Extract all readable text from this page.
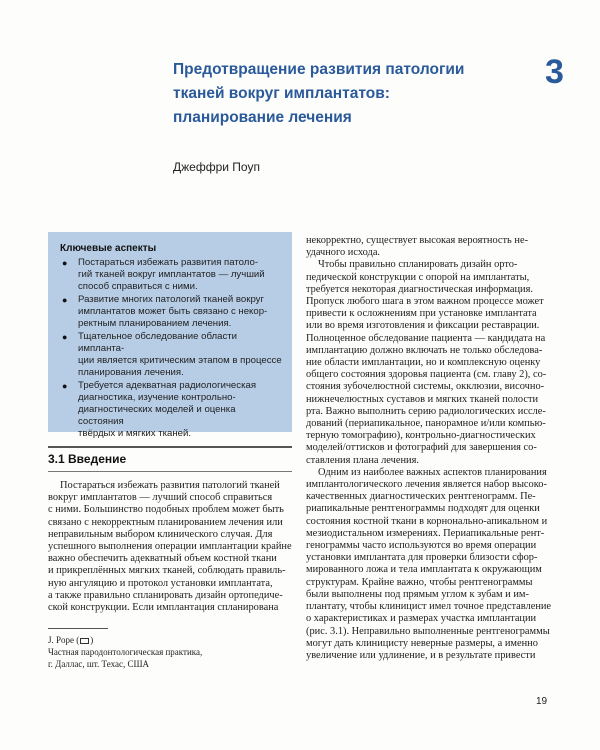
Предотвращение развития патологии
тканей вокруг имплантатов:
планирование лечения
3
Джеффри Поуп
Ключевые аспекты
● Постараться избежать развития патоло-
гий тканей вокруг имплантатов — лучший
способ справиться с ними.
● Развитие многих патологий тканей вокруг
имплантатов может быть связано с некор-
ректным планированием лечения.
● Тщательное обследование области импланта-
ции является критическим этапом в процессе
планирования лечения.
● Требуется адекватная радиологическая
диагностика, изучение контрольно-
диагностических моделей и оценка состояния
твёрдых и мягких тканей.
3.1 Введение
Постараться избежать развития патологий тканей
вокруг имплантатов — лучший способ справиться
с ними. Большинство подобных проблем может быть
связано с некорректным планированием лечения или
неправильным выбором клинического случая. Для
успешного выполнения операции имплантации крайне
важно обеспечить адекватный объем костной ткани
и прикреплённых мягких тканей, соблюдать правиль-
ную ангуляцию и протокол установки имплантата,
а также правильно спланировать дизайн ортопедиче-
ской конструкции. Если имплантация спланирована
J. Pope ( )
Частная пародонтологическая практика,
г. Даллас, шт. Техас, США
некорректно, существует высокая вероятность не-
удачного исхода.
Чтобы правильно спланировать дизайн орто-
педической конструкции с опорой на имплантаты,
требуется некоторая диагностическая информация.
Пропуск любого шага в этом важном процессе может
привести к осложнениям при установке имплантата
или во время изготовления и фиксации реставрации.
Полноценное обследование пациента — кандидата на
имплантацию должно включать не только обследова-
ние области имплантации, но и комплексную оценку
общего состояния здоровья пациента (см. главу 2), со-
стояния зубочелюстной системы, окклюзии, височно-
нижнечелюстных суставов и мягких тканей полости
рта. Важно выполнить серию радиологических иссле-
дований (периапикальное, панорамное и/или компью-
терную томографию), контрольно-диагностических
моделей/оттисков и фотографий для завершения со-
ставления плана лечения.
Одним из наиболее важных аспектов планирования
имплантологического лечения является набор высоко-
качественных диагностических рентгенограмм. Пе-
риапикальные рентгенограммы подходят для оценки
состояния костной ткани в корнонально-апикальном и
мезиодистальном измерениях. Периапикальные рент-
генограммы часто используются во время операции
установки имплантата для проверки близости сфор-
мированного ложа и тела имплантата к окружающим
структурам. Крайне важно, чтобы рентгенограммы
были выполнены под прямым углом к зубам и им-
плантату, чтобы клиницист имел точное представление
о характеристиках и размерах участка имплантации
(рис. 3.1). Неправильно выполненные рентгенограммы
могут дать клиницисту неверные размеры, а именно
увеличение или удлинение, и в результате привести
19
